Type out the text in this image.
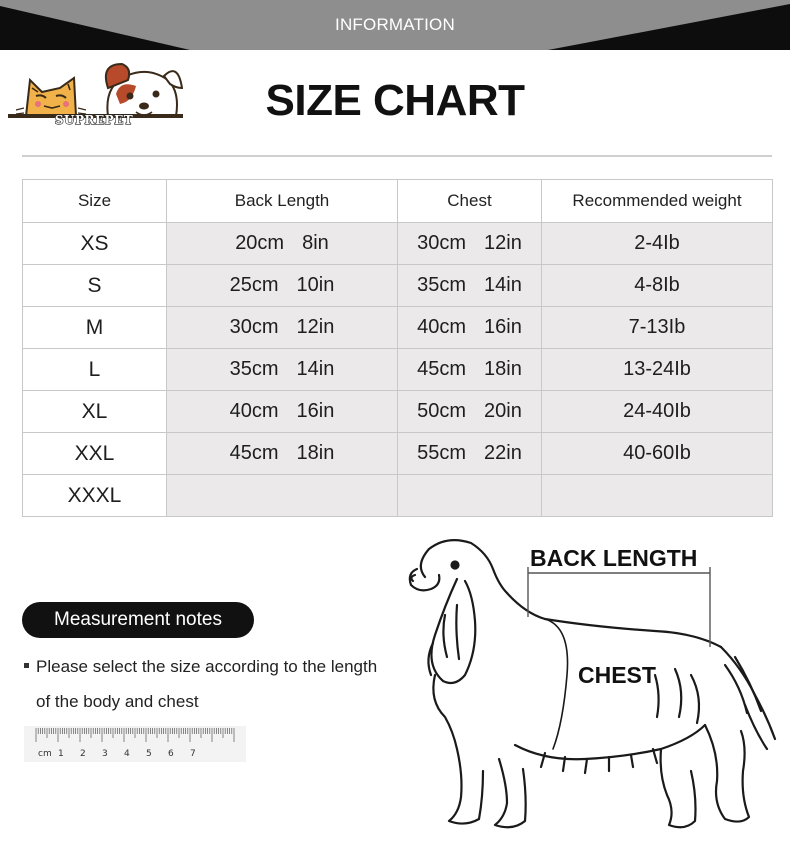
INFORMATION
SUPREPET	SIZE CHART
Size	Back Length	Chest	Recommended weight
XS	20cm 8in	30cm 12in	2-4Ib
S	25cm 10in	35cm 14in	4-8Ib
M	30cm 12in	40cm 16in	7-13Ib
L	35cm 14in	45cm 18in	13-24Ib
XL	40cm 16in	50cm 20in	24-40Ib
XXL	45cm 18in	55cm 22in	40-60Ib
XXXL			
Measurement notes
Please select the size according to the length
of the body and chest
cm 1 2 3 4 5 6 7
BACK LENGTH
CHEST
